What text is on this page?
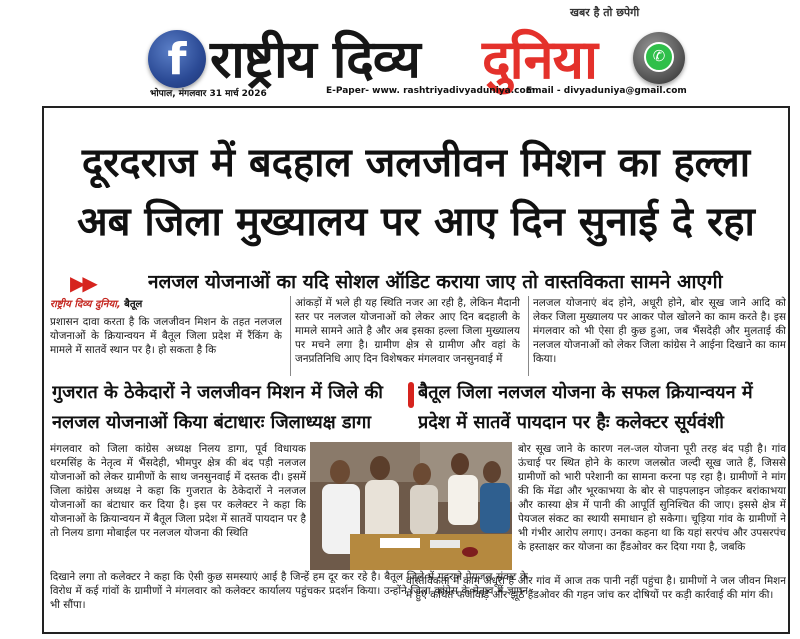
f राष्ट्रीय दिव्य दुनिया
खबर है तो छपेगी
✆
भोपाल, मंगलवार 31 मार्च 2026	E-Paper- www. rashtriyadivyaduniya.com
Email - divyaduniya@gmail.com
दूरदराज में बदहाल जलजीवन मिशन का हल्ला
अब जिला मुख्यालय पर आए दिन सुनाई दे रहा
▶▶	नलजल योजनाओं का यदि सोशल ऑडिट कराया जाए तो वास्तविकता सामने आएगी
राष्ट्रीय दिव्य दुनिया, बैतूल
प्रशासन दावा करता है कि जलजीवन मिशन के तहत नलजल योजनाओं के क्रियान्वयन में बैतूल जिला प्रदेश में रैंकिंग के मामले में सातवें स्थान पर है। हो सकता है कि
आंकड़ों में भले ही यह स्थिति नजर आ रही है, लेकिन मैदानी स्तर पर नलजल योजनाओं को लेकर आए दिन बदहाली के मामले सामने आते है और अब इसका हल्ला जिला मुख्यालय पर मचने लगा है। ग्रामीण क्षेत्र से ग्रामीण और वहां के जनप्रतिनिधि आए दिन विशेषकर मंगलवार जनसुनवाई में
नलजल योजनाएं बंद होने, अधूरी होने, बोर सूख जाने आदि को लेकर जिला मुख्यालय पर आकर पोल खोलने का काम करते है। इस मंगलवार को भी ऐसा ही कुछ हुआ, जब भैंसदेही और मुलताई की नलजल योजनाओं को लेकर जिला कांग्रेस ने आईना दिखाने का काम किया।
गुजरात के ठेकेदारों ने जलजीवन मिशन में जिले की नलजल योजनाओं किया बंटाधारः जिलाध्यक्ष डागा
बैतूल जिला नलजल योजना के सफल क्रियान्वयन में प्रदेश में सातवें पायदान पर हैः कलेक्टर सूर्यवंशी
मंगलवार को जिला कांग्रेस अध्यक्ष निलय डागा, पूर्व विधायक धरमसिंह के नेतृत्व में भैंसदेही, भीमपुर क्षेत्र की बंद पड़ी नलजल योजनाओं को लेकर ग्रामीणों के साथ जनसुनवाई में दस्तक दी। इसमें जिला कांग्रेस अध्यक्ष ने कहा कि गुजरात के ठेकेदारों ने नलजल योजनाओं का बंटाधार कर दिया है। इस पर कलेक्टर ने कहा कि योजनाओं के क्रियान्वयन में बैतूल जिला प्रदेश में सातवें पायदान पर है तो निलय डागा मोबाईल पर नलजल योजना की स्थिति
बोर सूख जाने के कारण नल-जल योजना पूरी तरह बंद पड़ी है। गांव ऊंचाई पर स्थित होने के कारण जलस्रोत जल्दी सूख जाते हैं, जिससे ग्रामीणों को भारी परेशानी का सामना करना पड़ रहा है। ग्रामीणों ने मांग की कि मेंढा और भूरकाभया के बोर से पाइपलाइन जोड़कर बरांकाभया और कास्या क्षेत्र में पानी की आपूर्ति सुनिश्चित की जाए। इससे क्षेत्र में पेयजल संकट का स्थायी समाधान हो सकेगा। चूड़िया गांव के ग्रामीणों ने भी गंभीर आरोप लगाए। उनका कहना था कि यहां सरपंच और उपसरपंच के हस्ताक्षर कर योजना का हैंडओवर कर दिया गया है, जबकि
दिखाने लगा तो कलेक्टर ने कहा कि ऐसी कुछ समस्याएं आई है जिन्हें हम दूर कर रहे है। बैतूल जिले में गहराते पेयजल संकट के विरोध में कई गांवों के ग्रामीणों ने मंगलवार को कलेक्टर कार्यालय पहुंचकर प्रदर्शन किया। उन्होंने जिला कांग्रेस के नेतृत्व में ज्ञापन भी सौंपा।
वास्तविकता में काम अधूरा है और गांव में आज तक पानी नहीं पहुंचा है। ग्रामीणों ने जल जीवन मिशन में हुए कथित फर्जीवाड़े और झूठे हैंडओवर की गहन जांच कर दोषियों पर कड़ी कार्रवाई की मांग की।
